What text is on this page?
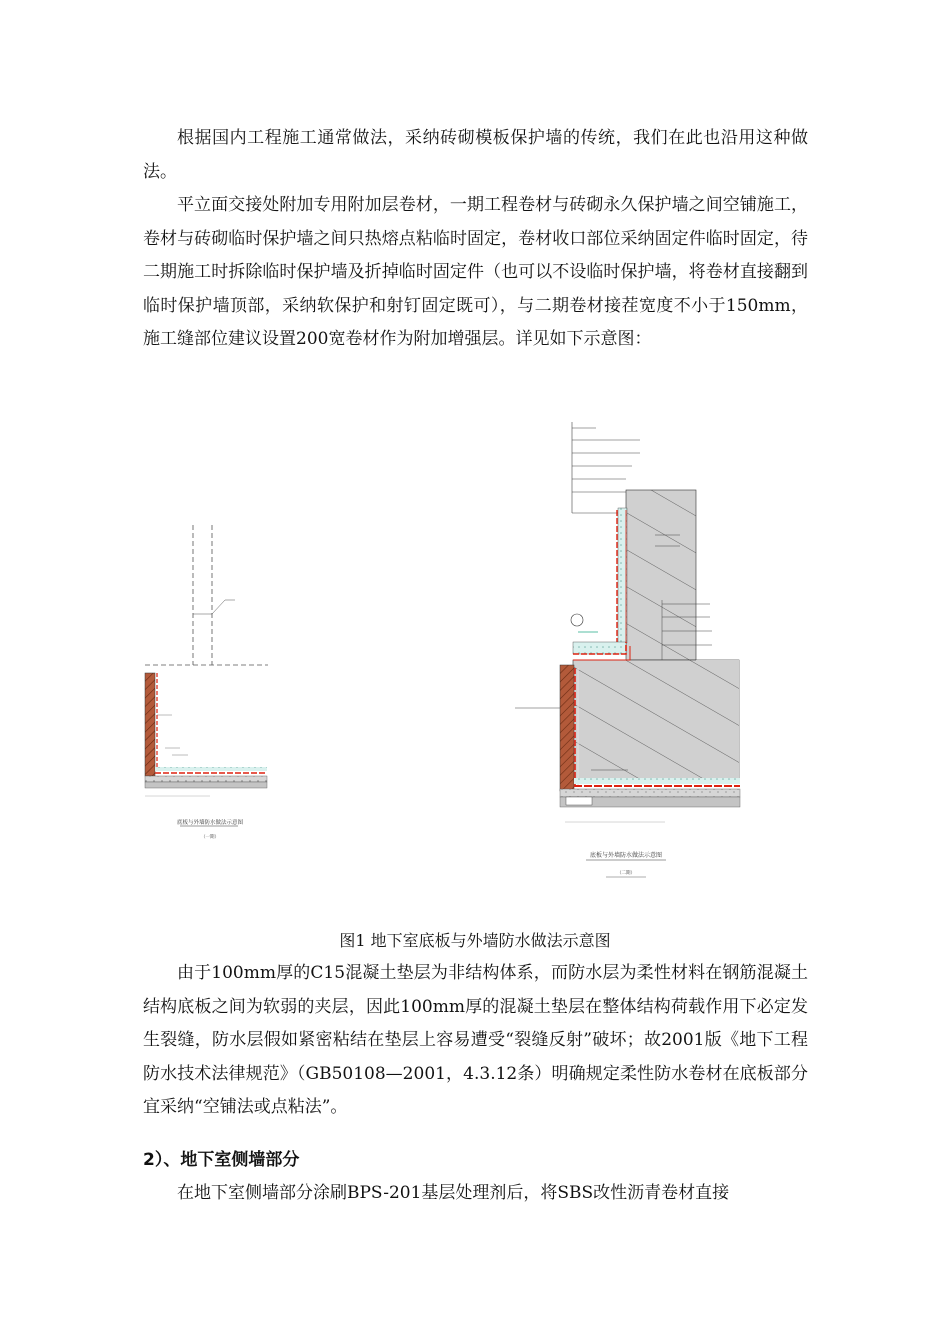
根据国内工程施工通常做法，采纳砖砌模板保护墙的传统，我们在此也沿用这种做法。

平立面交接处附加专用附加层卷材，一期工程卷材与砖砌永久保护墙之间空铺施工，卷材与砖砌临时保护墙之间只热熔点粘临时固定，卷材收口部位采纳固定件临时固定，待二期施工时拆除临时保护墙及折掉临时固定件（也可以不设临时保护墙，将卷材直接翻到临时保护墙顶部，采纳软保护和射钉固定既可），与二期卷材接茬宽度不小于150mm，施工缝部位建议设置200宽卷材作为附加增强层。详见如下示意图：

底板与外墙防水做法示意图
（一期）
底板与外墙防水做法示意图
（二期）
图1 地下室底板与外墙防水做法示意图

由于100mm厚的C15混凝土垫层为非结构体系，而防水层为柔性材料在钢筋混凝土结构底板之间为软弱的夹层，因此100mm厚的混凝土垫层在整体结构荷载作用下必定发生裂缝，防水层假如紧密粘结在垫层上容易遭受“裂缝反射”破坏；故2001版《地下工程防水技术法律规范》（GB50108—2001，4.3.12条）明确规定柔性防水卷材在底板部分宜采纳“空铺法或点粘法”。

2）、地下室侧墙部分

在地下室侧墙部分涂刷BPS-201基层处理剂后，将SBS改性沥青卷材直接
